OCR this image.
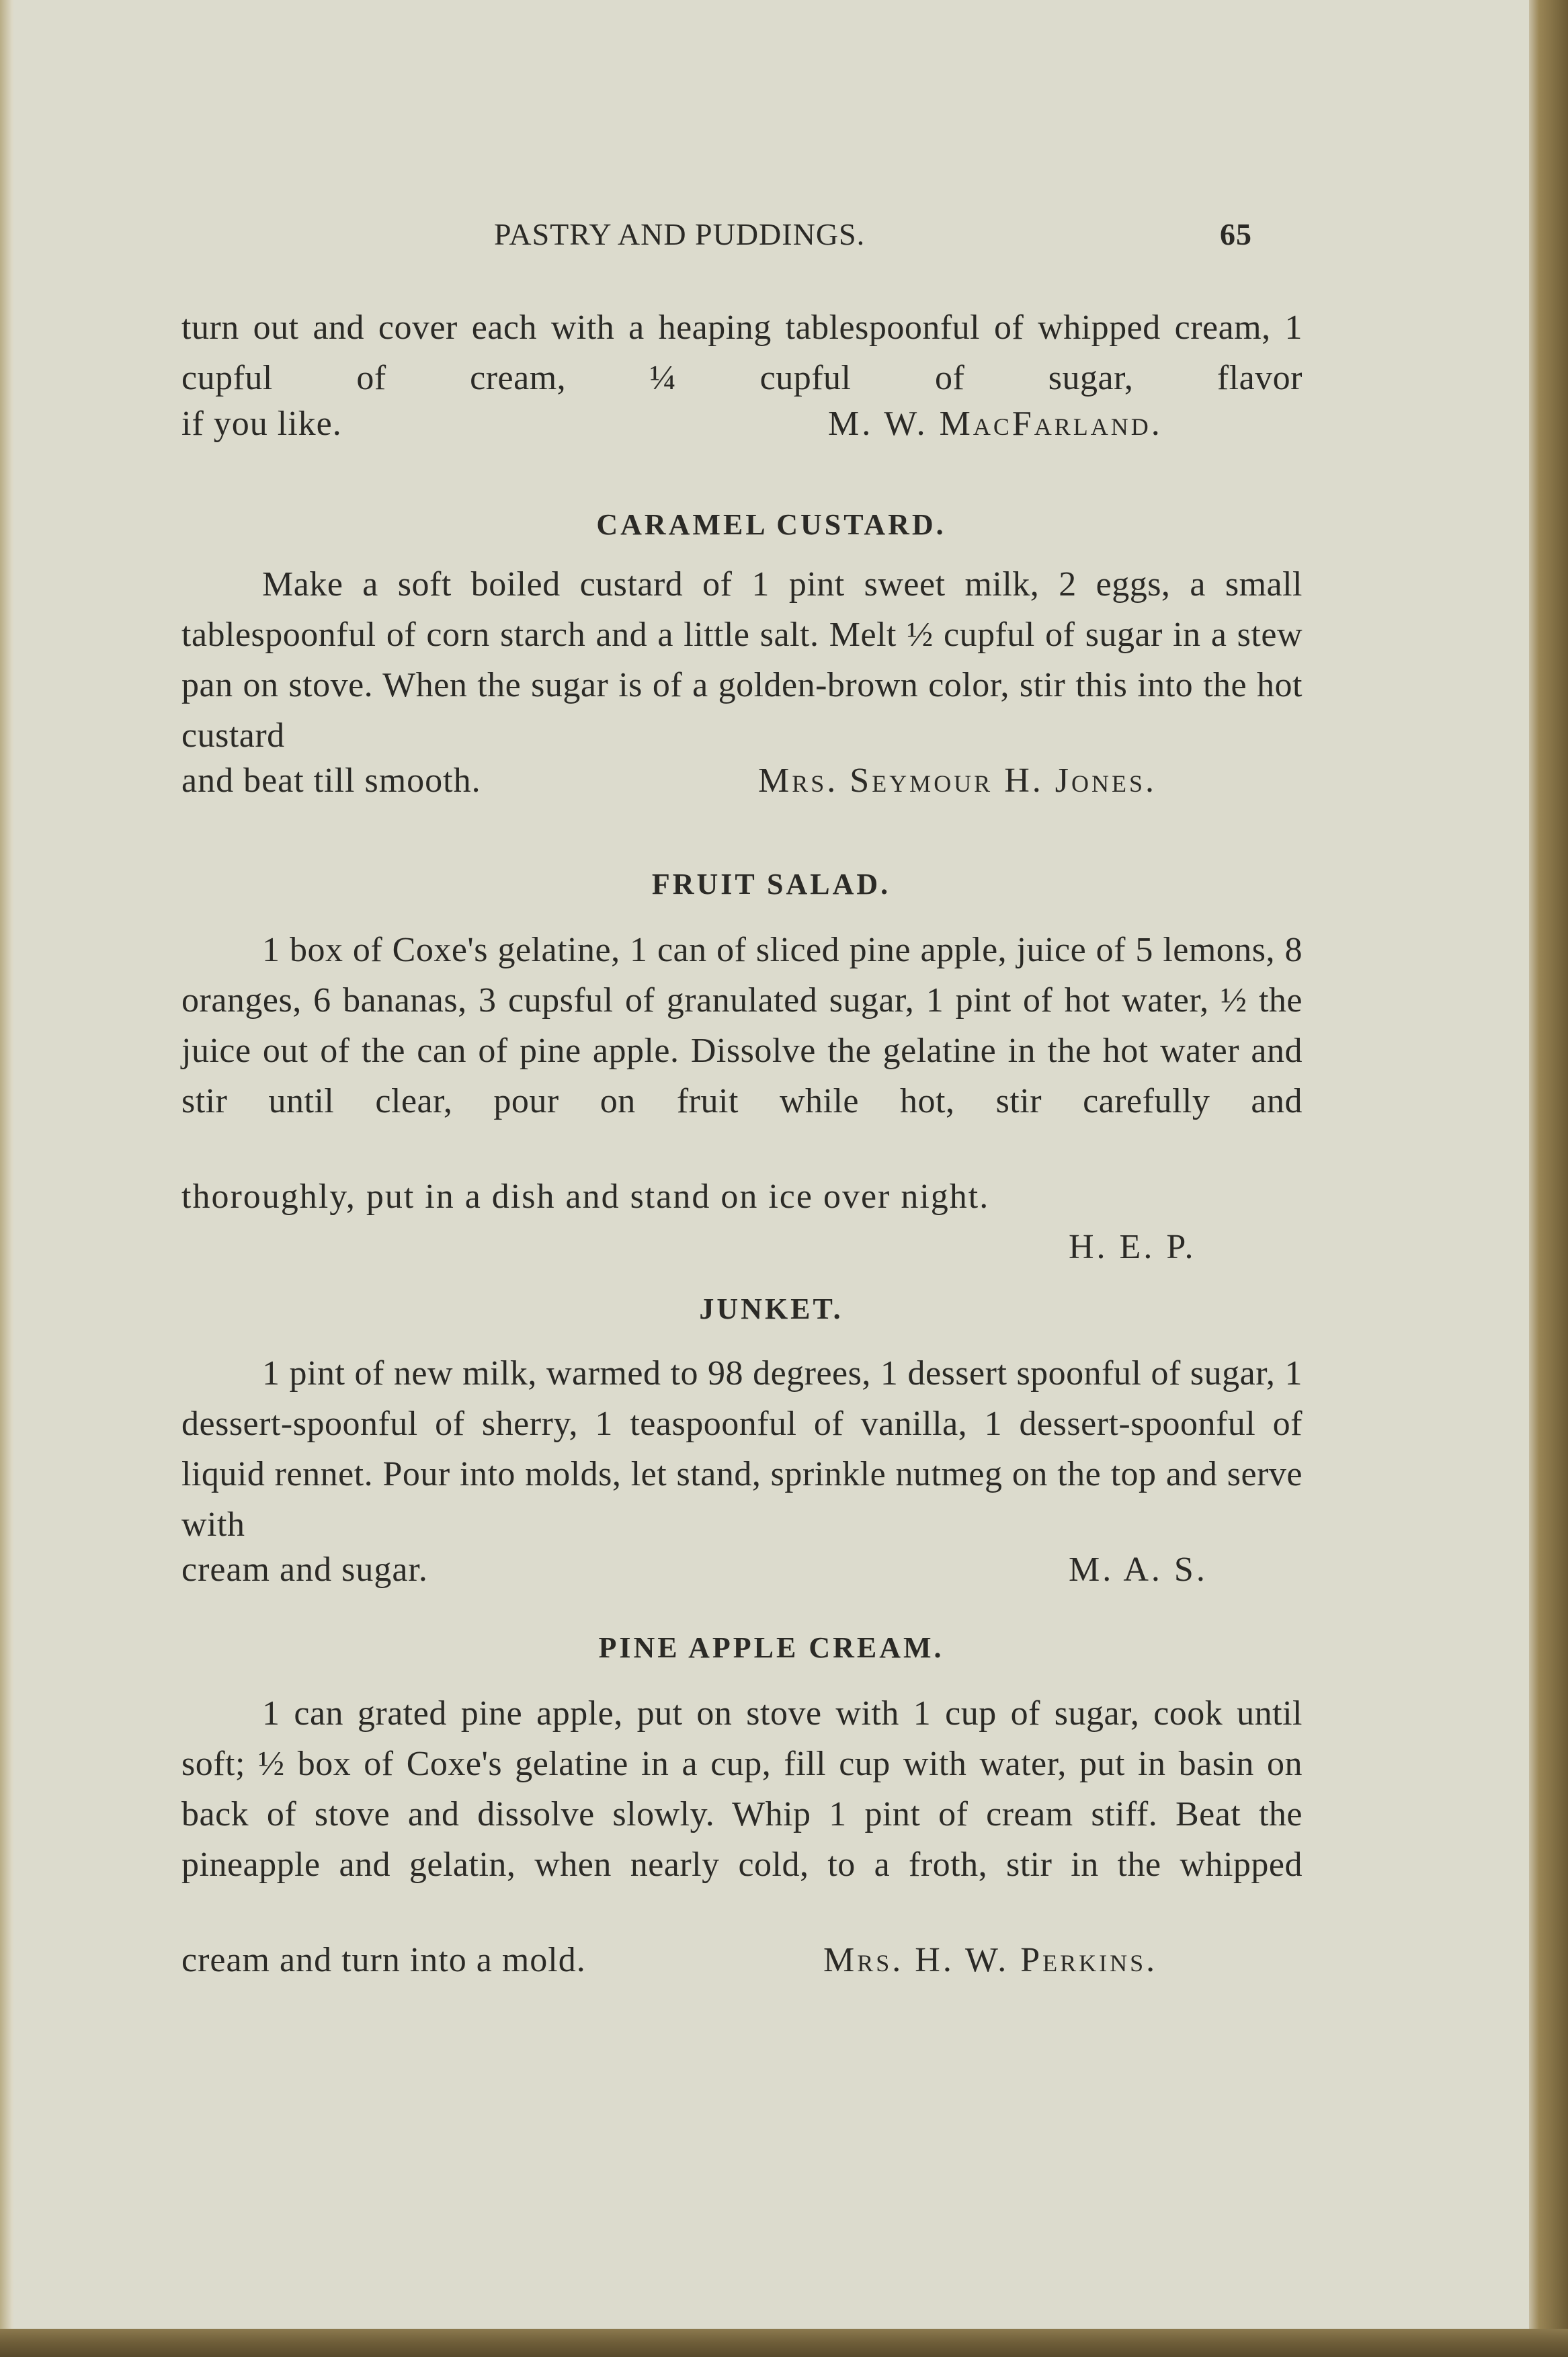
PASTRY AND PUDDINGS.	65
turn out and cover each with a heaping tablespoonful of whipped cream, 1 cupful of cream, ¼ cupful of sugar, flavor
if you like.	M. W. MacFarland.
CARAMEL CUSTARD.
Make a soft boiled custard of 1 pint sweet milk, 2 eggs, a small tablespoonful of corn starch and a little salt. Melt ½ cupful of sugar in a stew pan on stove. When the sugar is of a golden-brown color, stir this into the hot custard
and beat till smooth.	Mrs. Seymour H. Jones.
FRUIT SALAD.
1 box of Coxe's gelatine, 1 can of sliced pine apple, juice of 5 lemons, 8 oranges, 6 bananas, 3 cupsful of granulated sugar, 1 pint of hot water, ½ the juice out of the can of pine apple. Dissolve the gelatine in the hot water and stir until clear, pour on fruit while hot, stir carefully and
thoroughly, put in a dish and stand on ice over night.
H. E. P.
JUNKET.
1 pint of new milk, warmed to 98 degrees, 1 dessert spoonful of sugar, 1 dessert-spoonful of sherry, 1 teaspoonful of vanilla, 1 dessert-spoonful of liquid rennet. Pour into molds, let stand, sprinkle nutmeg on the top and serve with
cream and sugar.	M. A. S.
PINE APPLE CREAM.
1 can grated pine apple, put on stove with 1 cup of sugar, cook until soft; ½ box of Coxe's gelatine in a cup, fill cup with water, put in basin on back of stove and dissolve slowly. Whip 1 pint of cream stiff. Beat the pineapple and gelatin, when nearly cold, to a froth, stir in the whipped
cream and turn into a mold.	Mrs. H. W. Perkins.
